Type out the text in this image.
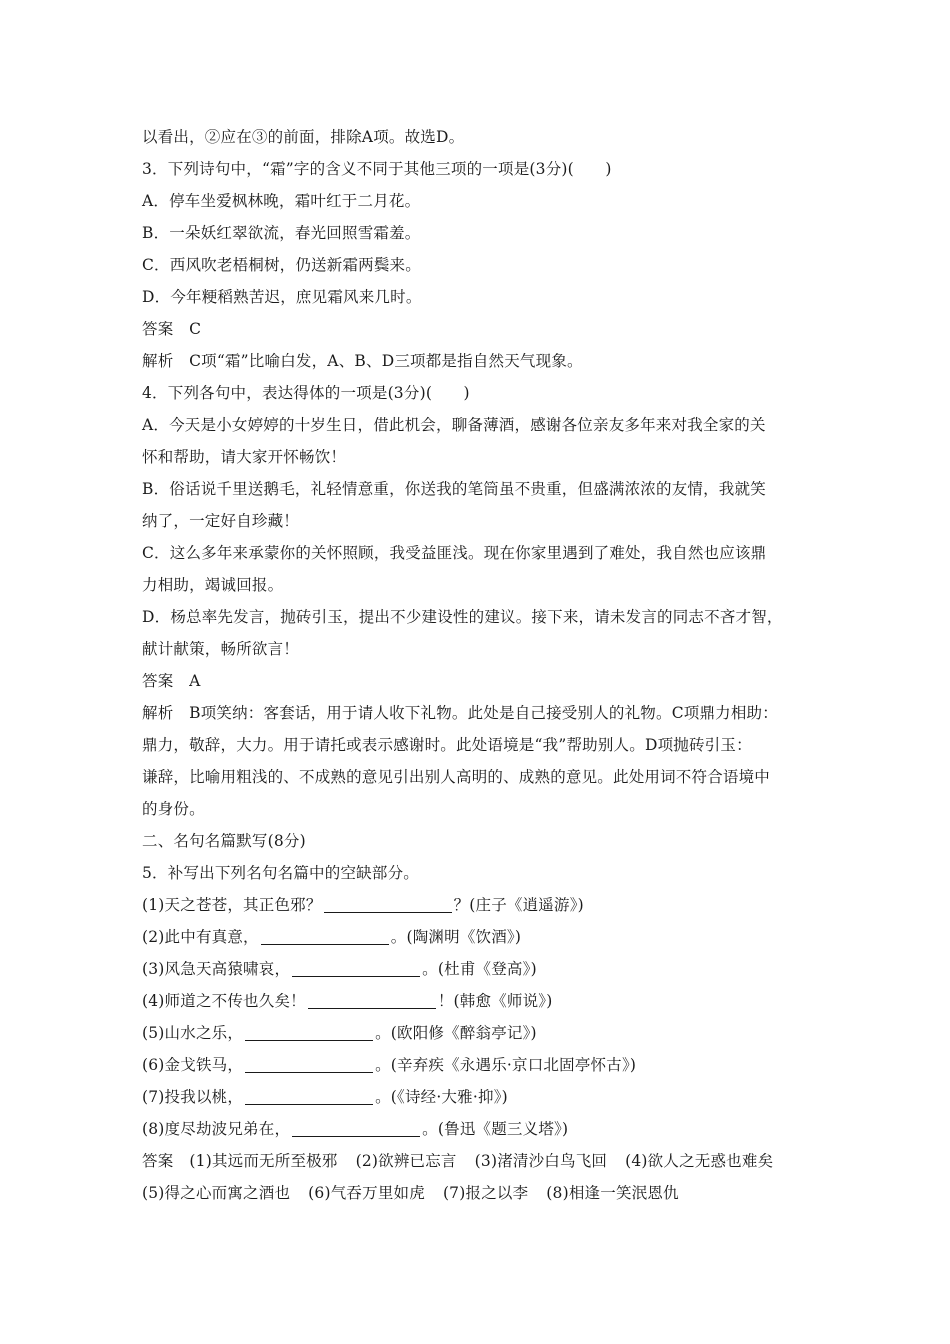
以看出，②应在③的前面，排除A项。故选D。
3．下列诗句中，“霜”字的含义不同于其他三项的一项是(3分)(　　)
A．停车坐爱枫林晚，霜叶红于二月花。
B．一朵妖红翠欲流，春光回照雪霜羞。
C．西风吹老梧桐树，仍送新霜两鬓来。
D．今年粳稻熟苦迟，庶见霜风来几时。
答案　C
解析　C项“霜”比喻白发，A、B、D三项都是指自然天气现象。
4．下列各句中，表达得体的一项是(3分)(　　)
A．今天是小女婷婷的十岁生日，借此机会，聊备薄酒，感谢各位亲友多年来对我全家的关
怀和帮助，请大家开怀畅饮！
B．俗话说千里送鹅毛，礼轻情意重，你送我的笔筒虽不贵重，但盛满浓浓的友情，我就笑
纳了，一定好自珍藏！
C．这么多年来承蒙你的关怀照顾，我受益匪浅。现在你家里遇到了难处，我自然也应该鼎
力相助，竭诚回报。
D．杨总率先发言，抛砖引玉，提出不少建设性的建议。接下来，请未发言的同志不吝才智，
献计献策，畅所欲言！
答案　A
解析　B项笑纳：客套话，用于请人收下礼物。此处是自己接受别人的礼物。C项鼎力相助：
鼎力，敬辞，大力。用于请托或表示感谢时。此处语境是“我”帮助别人。D项抛砖引玉：
谦辞，比喻用粗浅的、不成熟的意见引出别人高明的、成熟的意见。此处用词不符合语境中
的身份。
二、名句名篇默写(8分)
5．补写出下列名句名篇中的空缺部分。
(1)天之苍苍，其正色邪？	？(庄子《逍遥游》)
(2)此中有真意，	。(陶渊明《饮酒》)
(3)风急天高猿啸哀，	。(杜甫《登高》)
(4)师道之不传也久矣！	！(韩愈《师说》)
(5)山水之乐，	。(欧阳修《醉翁亭记》)
(6)金戈铁马，	。(辛弃疾《永遇乐·京口北固亭怀古》)
(7)投我以桃，	。(《诗经·大雅·抑》)
(8)度尽劫波兄弟在，	。(鲁迅《题三义塔》)
答案 (1)其远而无所至极邪 (2)欲辨已忘言 (3)渚清沙白鸟飞回 (4)欲人之无惑也难矣
(5)得之心而寓之酒也 (6)气吞万里如虎 (7)报之以李 (8)相逢一笑泯恩仇
